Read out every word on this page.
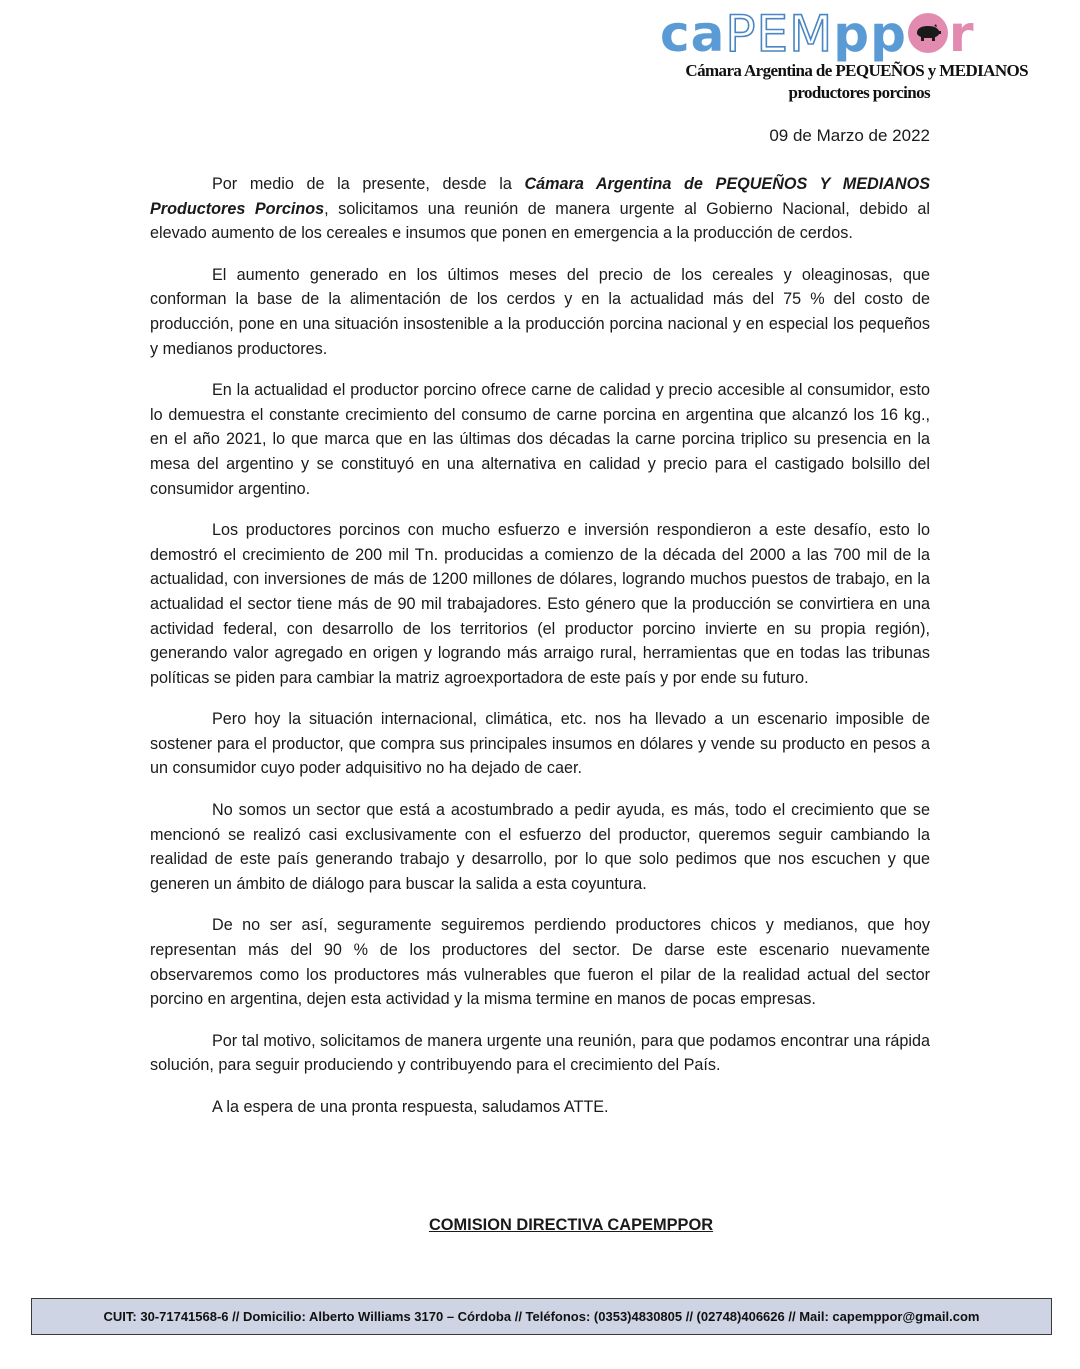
caPEMpp r
Cámara Argentina de PEQUEÑOS y MEDIANOS
productores porcinos
09 de Marzo de 2022

Por medio de la presente, desde la Cámara Argentina de PEQUEÑOS Y MEDIANOS Productores Porcinos, solicitamos una reunión de manera urgente al Gobierno Nacional, debido al elevado aumento de los cereales e insumos que ponen en emergencia a la producción de cerdos.

El aumento generado en los últimos meses del precio de los cereales y oleaginosas, que conforman la base de la alimentación de los cerdos y en la actualidad más del 75 % del costo de producción, pone en una situación insostenible a la producción porcina nacional y en especial los pequeños y medianos productores.

En la actualidad el productor porcino ofrece carne de calidad y precio accesible al consumidor, esto lo demuestra el constante crecimiento del consumo de carne porcina en argentina que alcanzó los 16 kg., en el año 2021, lo que marca que en las últimas dos décadas la carne porcina triplico su presencia en la mesa del argentino y se constituyó en una alternativa en calidad y precio para el castigado bolsillo del consumidor argentino.

Los productores porcinos con mucho esfuerzo e inversión respondieron a este desafío, esto lo demostró el crecimiento de 200 mil Tn. producidas a comienzo de la década del 2000 a las 700 mil de la actualidad, con inversiones de más de 1200 millones de dólares, logrando muchos puestos de trabajo, en la actualidad el sector tiene más de 90 mil trabajadores. Esto género que la producción se convirtiera en una actividad federal, con desarrollo de los territorios (el productor porcino invierte en su propia región), generando valor agregado en origen y logrando más arraigo rural, herramientas que en todas las tribunas políticas se piden para cambiar la matriz agroexportadora de este país y por ende su futuro.

Pero hoy la situación internacional, climática, etc. nos ha llevado a un escenario imposible de sostener para el productor, que compra sus principales insumos en dólares y vende su producto en pesos a un consumidor cuyo poder adquisitivo no ha dejado de caer.

No somos un sector que está a acostumbrado a pedir ayuda, es más, todo el crecimiento que se mencionó se realizó casi exclusivamente con el esfuerzo del productor, queremos seguir cambiando la realidad de este país generando trabajo y desarrollo, por lo que solo pedimos que nos escuchen y que generen un ámbito de diálogo para buscar la salida a esta coyuntura.

De no ser así, seguramente seguiremos perdiendo productores chicos y medianos, que hoy representan más del 90 % de los productores del sector. De darse este escenario nuevamente observaremos como los productores más vulnerables que fueron el pilar de la realidad actual del sector porcino en argentina, dejen esta actividad y la misma termine en manos de pocas empresas.

Por tal motivo, solicitamos de manera urgente una reunión, para que podamos encontrar una rápida solución, para seguir produciendo y contribuyendo para el crecimiento del País.

A la espera de una pronta respuesta, saludamos ATTE.

COMISION DIRECTIVA CAPEMPPOR
CUIT: 30-71741568-6 // Domicilio: Alberto Williams 3170 – Córdoba // Teléfonos: (0353)4830805 // (02748)406626 // Mail: capemppor@gmail.com
